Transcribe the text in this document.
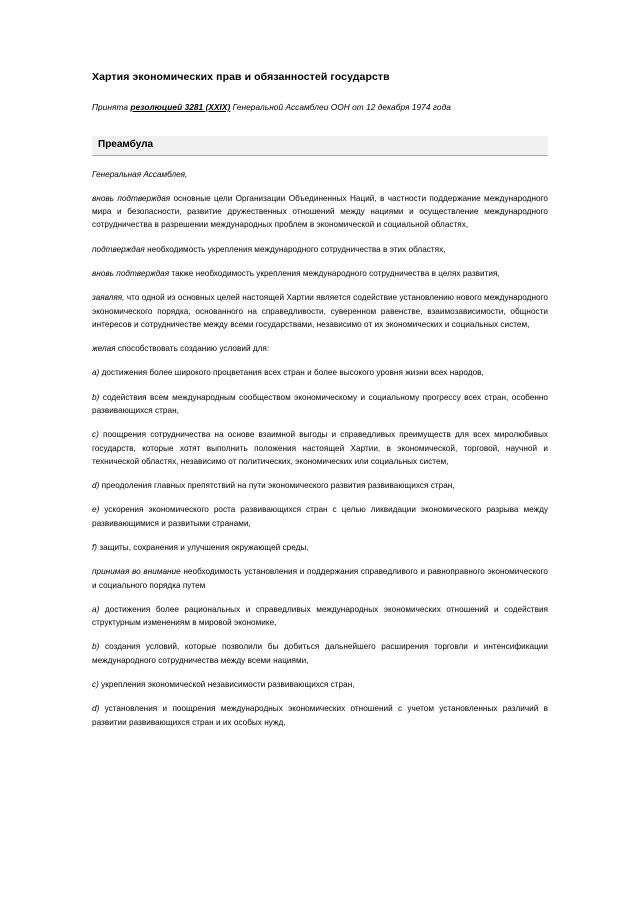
Хартия экономических прав и обязанностей государств

Принята резолюцией 3281 (XXIX) Генеральной Ассамблеи ООН от 12 декабря 1974 года

Преамбула

Генеральная Ассамблея,

вновь подтверждая основные цели Организации Объединенных Наций, в частности поддержание международного мира и безопасности, развитие дружественных отношений между нациями и осуществление международного сотрудничества в разрешении международных проблем в экономической и социальной областях,

подтверждая необходимость укрепления международного сотрудничества в этих областях,

вновь подтверждая также необходимость укрепления международного сотрудничества в целях развития,

заявляя, что одной из основных целей настоящей Хартии является содействие установлению нового международного экономического порядка, основанного на справедливости, суверенном равенстве, взаимозависимости, общности интересов и сотрудничестве между всеми государствами, независимо от их экономических и социальных систем,

желая способствовать созданию условий для:

a) достижения более широкого процветания всех стран и более высокого уровня жизни всех народов,

b) содействия всем международным сообществом экономическому и социальному прогрессу всех стран, особенно развивающихся стран,

c) поощрения сотрудничества на основе взаимной выгоды и справедливых преимуществ для всех миролюбивых государств, которые хотят выполнить положения настоящей Хартии, в экономической, торговой, научной и технической областях, независимо от политических, экономических или социальных систем,

d) преодоления главных препятствий на пути экономического развития развивающихся стран,

e) ускорения экономического роста развивающихся стран с целью ликвидации экономического разрыва между развивающимися и развитыми странами,

f) защиты, сохранения и улучшения окружающей среды,

принимая во внимание необходимость установления и поддержания справедливого и равноправного экономического и социального порядка путем

a) достижения более рациональных и справедливых международных экономических отношений и содействия структурным изменениям в мировой экономике,

b) создания условий, которые позволили бы добиться дальнейшего расширения торговли и интенсификации международного сотрудничества между всеми нациями,

c) укрепления экономической независимости развивающихся стран,

d) установления и поощрения международных экономических отношений с учетом установленных различий в развитии развивающихся стран и их особых нужд,
